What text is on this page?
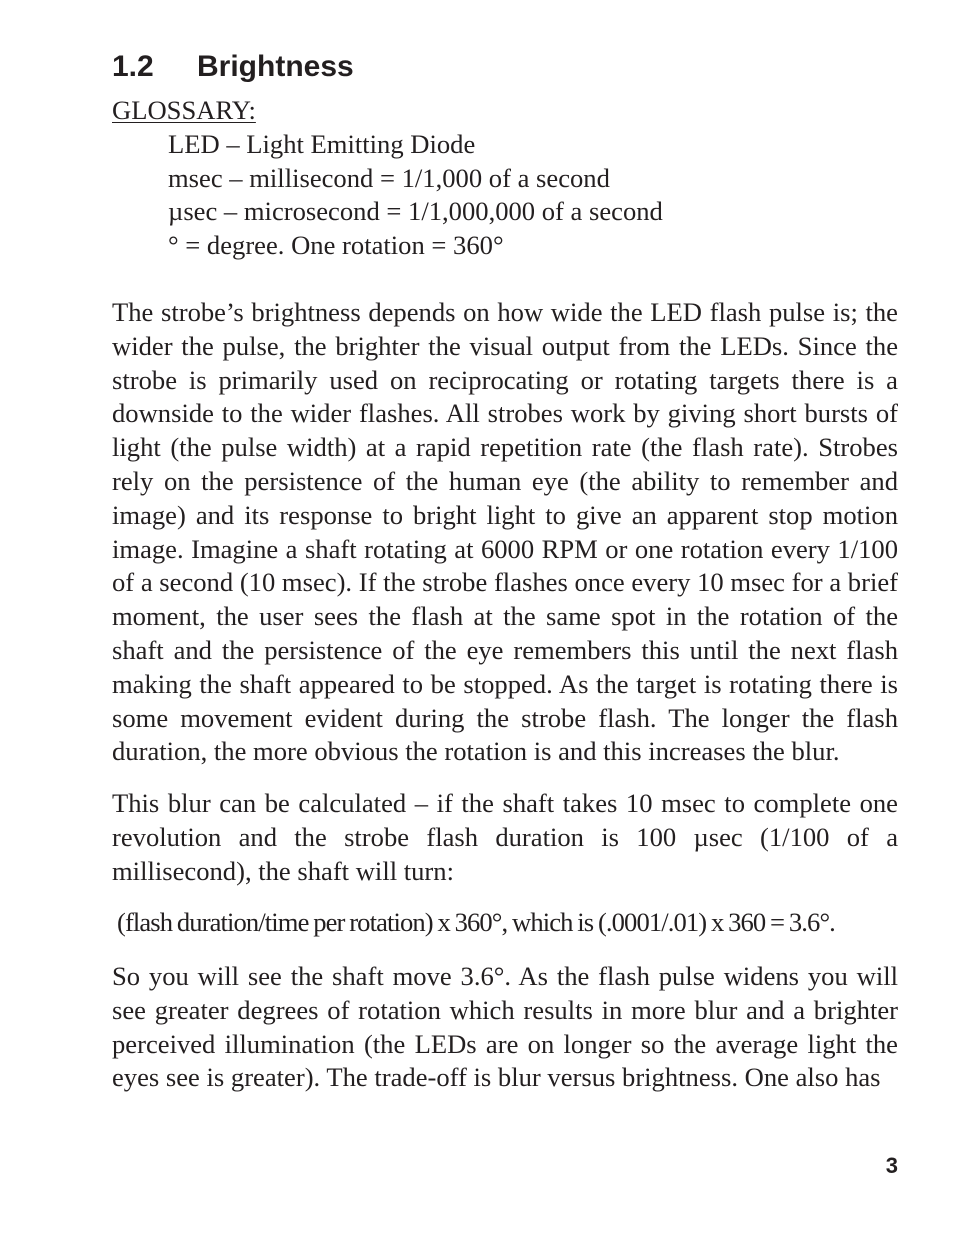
1.2 Brightness
GLOSSARY:
LED – Light Emitting Diode
msec – millisecond = 1/1,000 of a second
µsec – microsecond = 1/1,000,000 of a second
° = degree. One rotation = 360°

The strobe’s brightness depends on how wide the LED flash pulse is; the wider the pulse, the brighter the visual output from the LEDs. Since the strobe is primarily used on reciprocating or rotating targets there is a downside to the wider flashes. All strobes work by giving short bursts of light (the pulse width) at a rapid repetition rate (the flash rate). Strobes rely on the persistence of the human eye (the ability to remember and image) and its response to bright light to give an apparent stop motion image. Imagine a shaft rotating at 6000 RPM or one rotation every 1/100 of a second (10 msec). If the strobe flashes once every 10 msec for a brief moment, the user sees the flash at the same spot in the rotation of the shaft and the persistence of the eye remembers this until the next flash making the shaft appeared to be stopped. As the target is rotating there is some movement evident during the strobe flash. The longer the flash duration, the more obvious the rotation is and this increases the blur.

This blur can be calculated – if the shaft takes 10 msec to complete one revolution and the strobe flash duration is 100 µsec (1/100 of a millisecond), the shaft will turn:

(flash duration/time per rotation) x 360°, which is (.0001/.01) x 360 = 3.6°.

So you will see the shaft move 3.6°. As the flash pulse widens you will see greater degrees of rotation which results in more blur and a brighter perceived illumination (the LEDs are on longer so the average light the eyes see is greater). The trade-off is blur versus brightness. One also has

3
